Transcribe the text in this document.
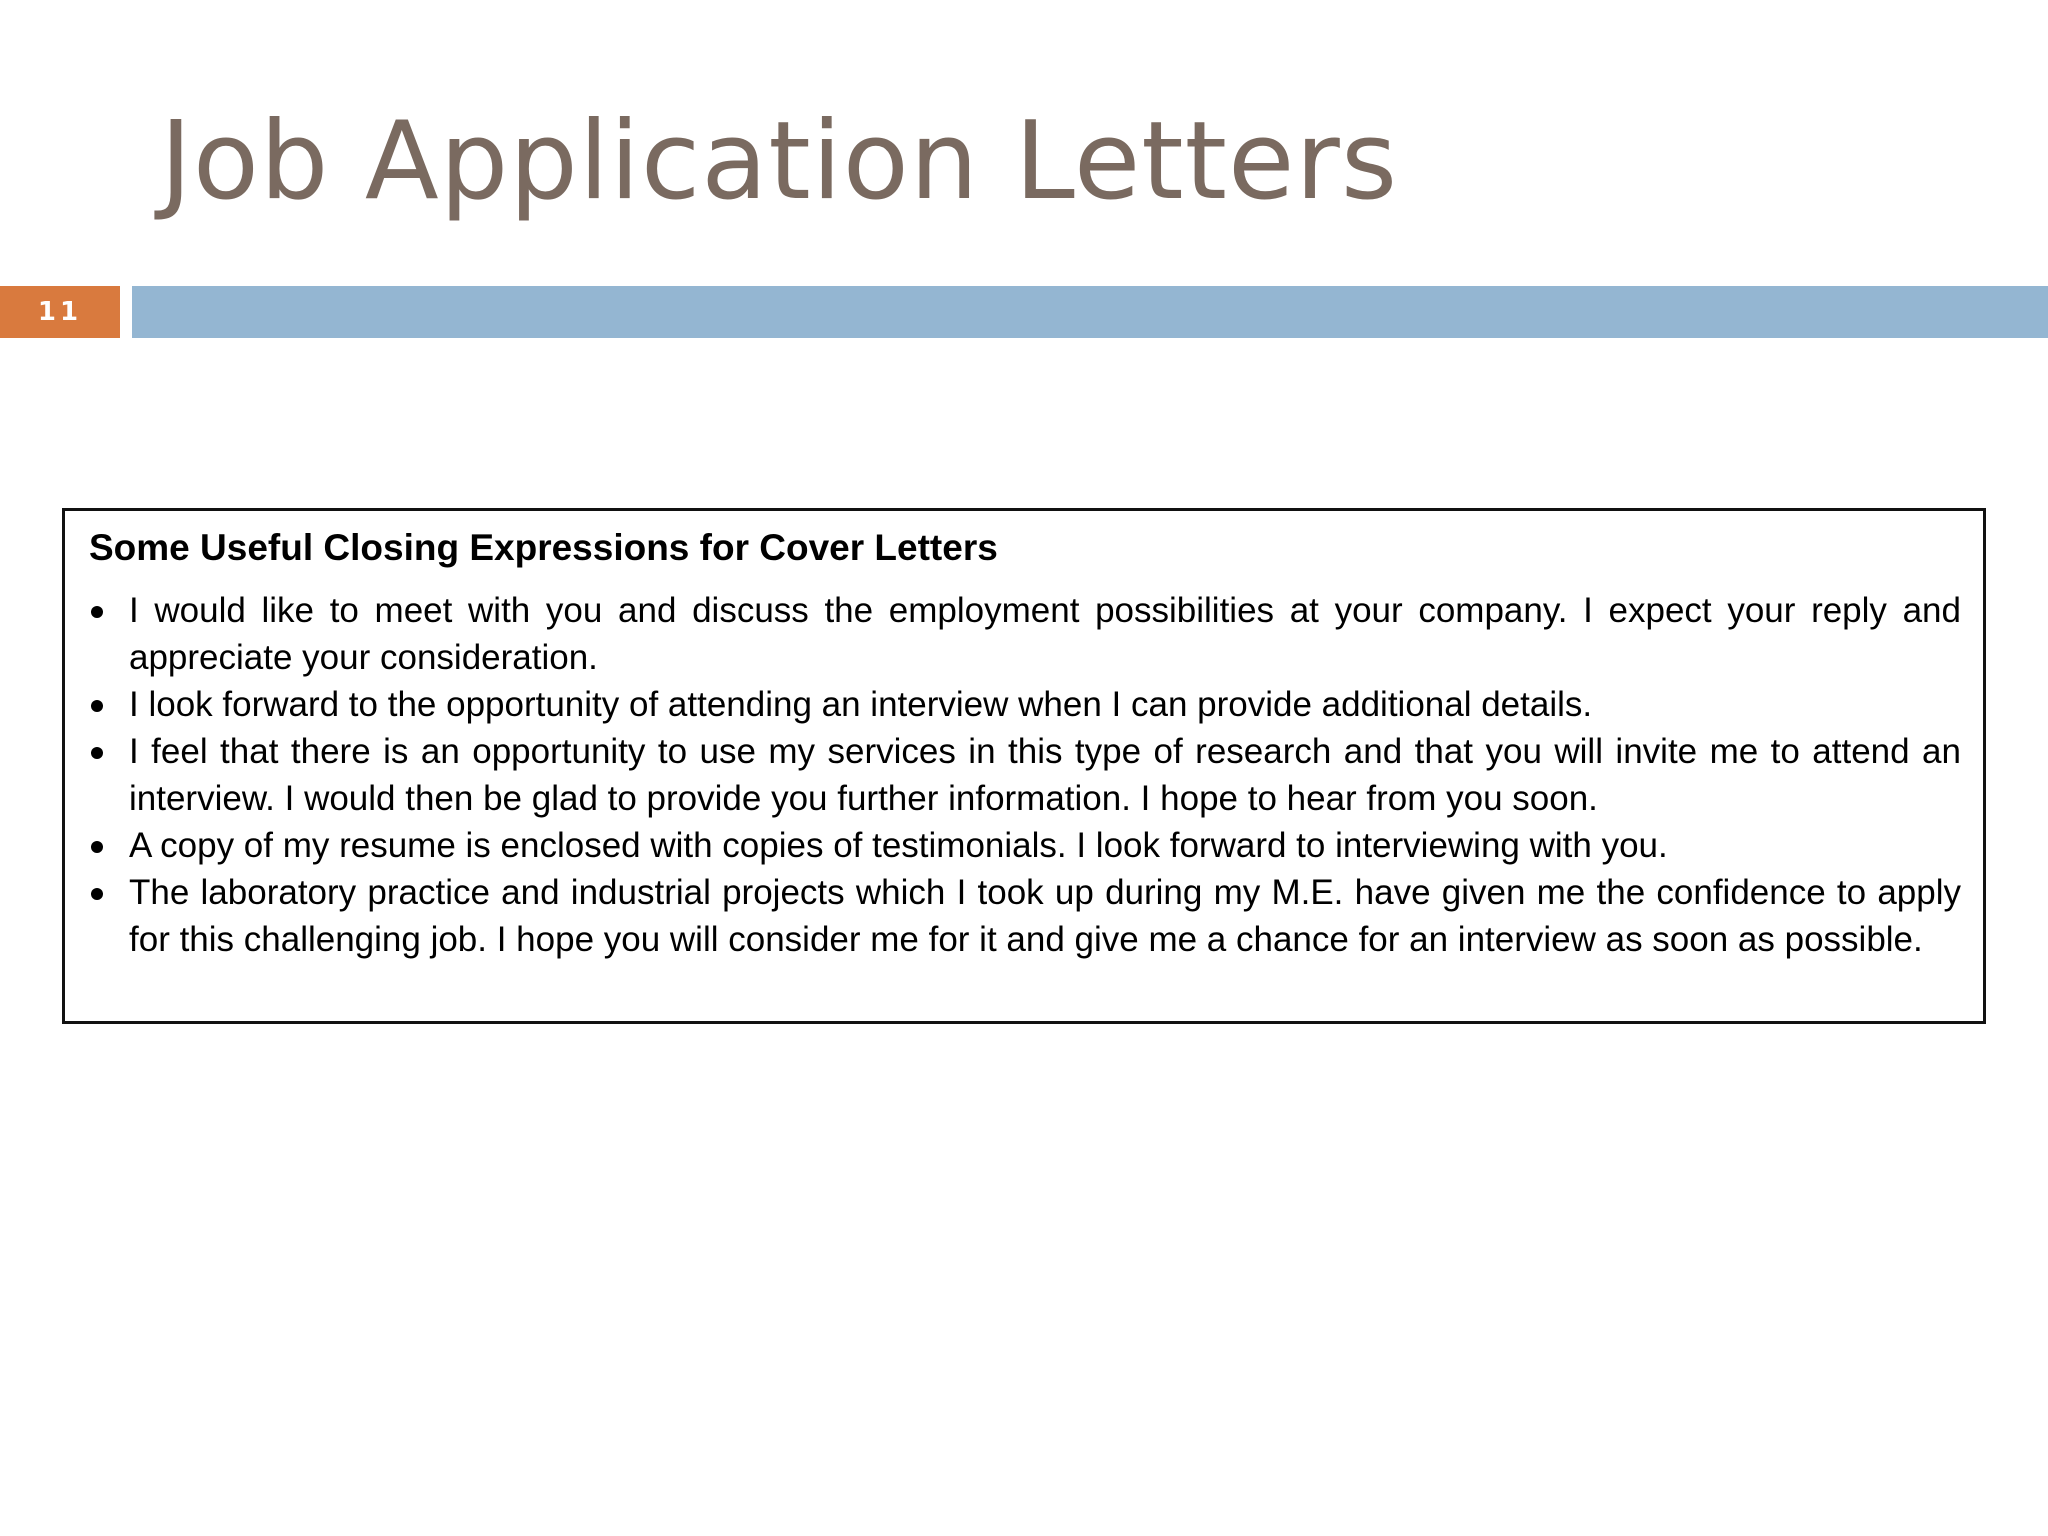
Job Application Letters
11

Some Useful Closing Expressions for Cover Letters

I would like to meet with you and discuss the employment possibilities at your company. I expect your reply and appreciate your consideration.
I look forward to the opportunity of attending an interview when I can provide additional details.
I feel that there is an opportunity to use my services in this type of research and that you will invite me to attend an interview. I would then be glad to provide you further information. I hope to hear from you soon.
A copy of my resume is enclosed with copies of testimonials. I look forward to interviewing with you.
The laboratory practice and industrial projects which I took up during my M.E. have given me the confidence to apply for this challenging job. I hope you will consider me for it and give me a chance for an interview as soon as possible.
